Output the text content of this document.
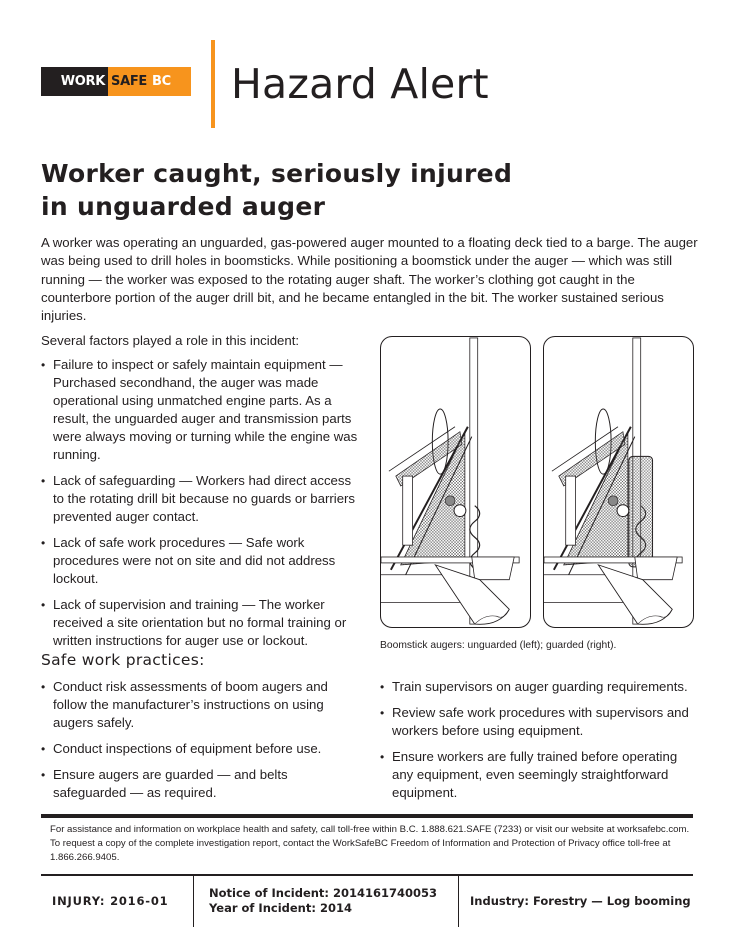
WORK SAFE BC Hazard Alert
Worker caught, seriously injured
in unguarded auger

A worker was operating an unguarded, gas-powered auger mounted to a floating deck tied to a barge. The auger was being used to drill holes in boomsticks. While positioning a boomstick under the auger — which was still running — the worker was exposed to the rotating auger shaft. The worker’s clothing got caught in the counterbore portion of the auger drill bit, and he became entangled in the bit. The worker sustained serious injuries.

Several factors played a role in this incident:

• Failure to inspect or safely maintain equipment — Purchased secondhand, the auger was made operational using unmatched engine parts. As a result, the unguarded auger and transmission parts were always moving or turning while the engine was running.
• Lack of safeguarding — Workers had direct access to the rotating drill bit because no guards or barriers prevented auger contact.
• Lack of safe work procedures — Safe work procedures were not on site and did not address lockout.
• Lack of supervision and training — The worker received a site orientation but no formal training or written instructions for auger use or lockout.	Boomstick augers: unguarded (left); guarded (right).

Safe work practices:
• Conduct risk assessments of boom augers and follow the manufacturer’s instructions on using augers safely.
• Conduct inspections of equipment before use.
• Ensure augers are guarded — and belts safeguarded — as required.
• Train supervisors on auger guarding requirements.
• Review safe work procedures with supervisors and workers before using equipment.
• Ensure workers are fully trained before operating any equipment, even seemingly straightforward equipment.

For assistance and information on workplace health and safety, call toll-free within B.C. 1.888.621.SAFE (7233) or visit our website at worksafebc.com. To request a copy of the complete investigation report, contact the WorkSafeBC Freedom of Information and Protection of Privacy office toll-free at 1.866.266.9405.

INJURY: 2016-01
Notice of Incident: 2014161740053
Year of Incident: 2014	Industry: Forestry — Log booming
